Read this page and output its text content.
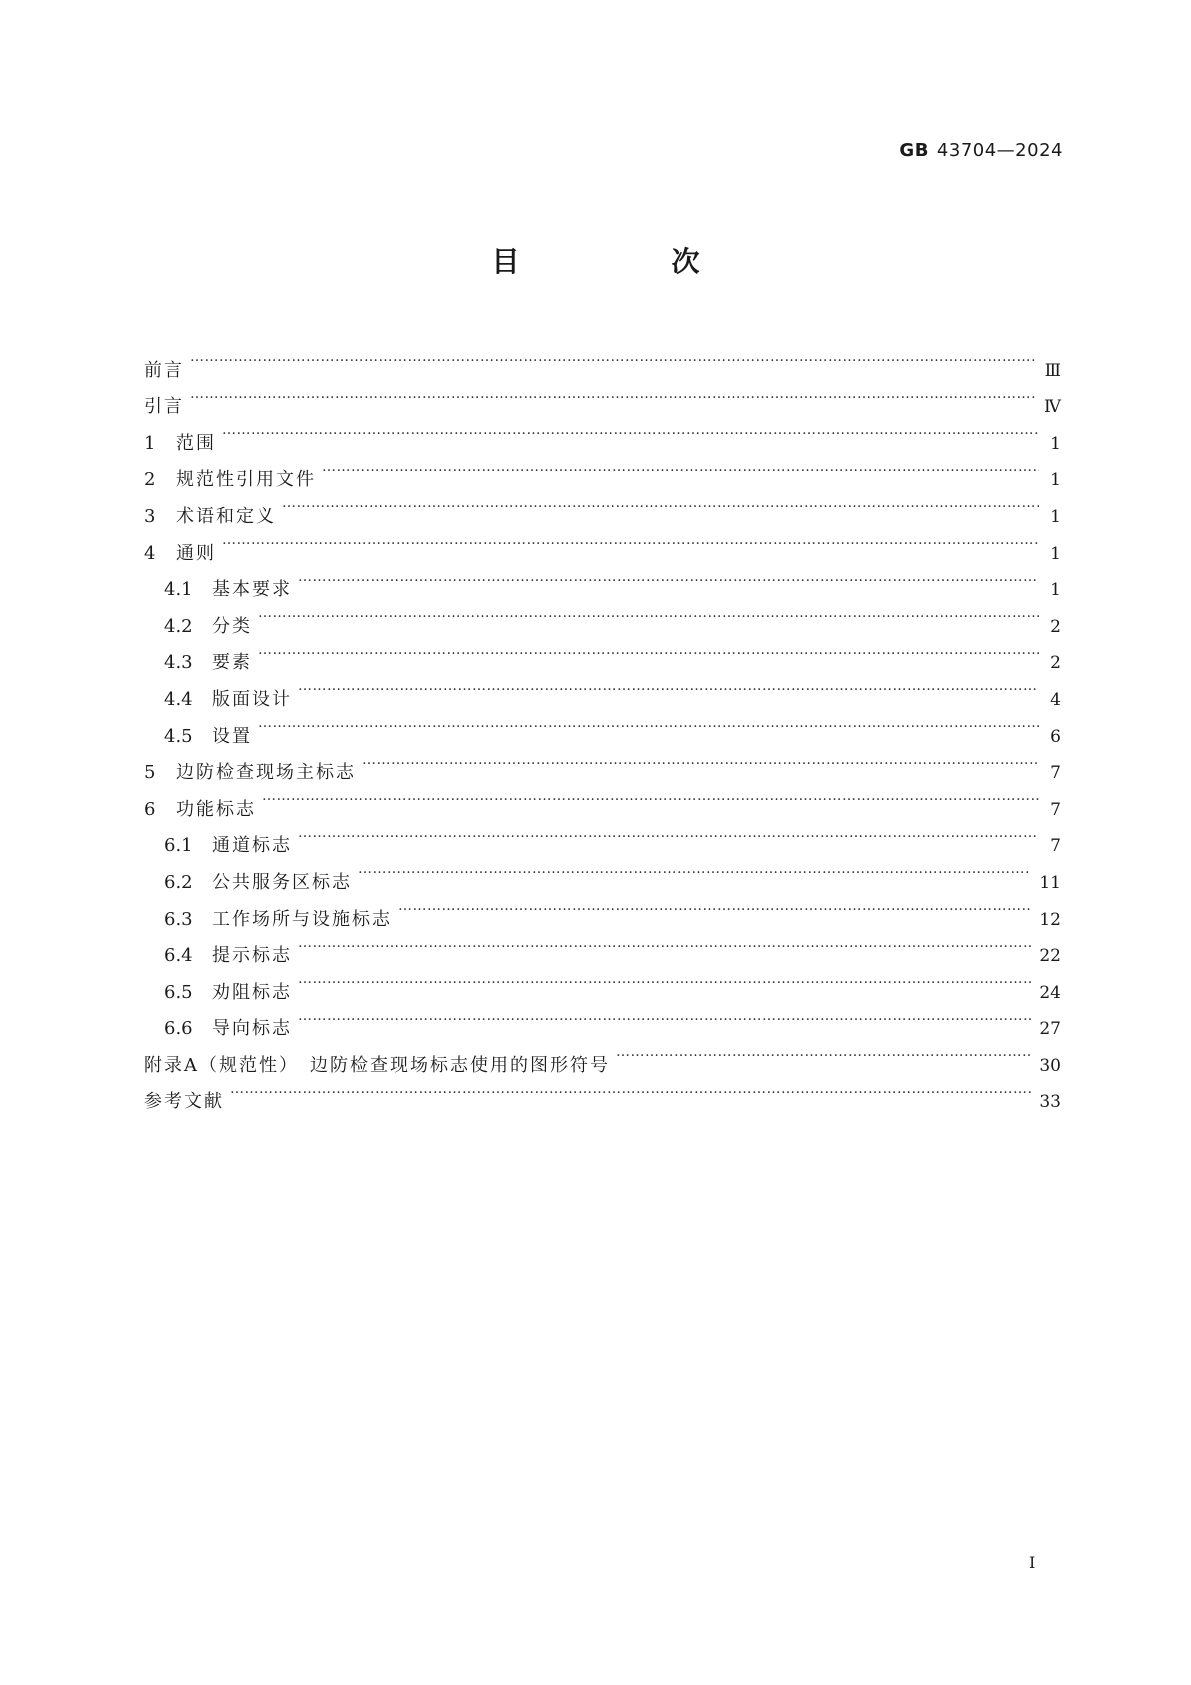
GB 43704—2024
目　次
前言 ……………………………………………………………………………………………………………………………………………………………………………………………………	Ⅲ
引言 ……………………………………………………………………………………………………………………………………………………………………………………………………	Ⅳ
1	范围 ……………………………………………………………………………………………………………………………………………………………………………………………………	1
2	规范性引用文件 ……………………………………………………………………………………………………………………………………………………………………………………………………	1
3	术语和定义 ……………………………………………………………………………………………………………………………………………………………………………………………………	1
4	通则 ……………………………………………………………………………………………………………………………………………………………………………………………………	1
4.1	基本要求 ……………………………………………………………………………………………………………………………………………………………………………………………………	1
4.2	分类 ……………………………………………………………………………………………………………………………………………………………………………………………………	2
4.3	要素 ……………………………………………………………………………………………………………………………………………………………………………………………………	2
4.4	版面设计 ……………………………………………………………………………………………………………………………………………………………………………………………………	4
4.5	设置 ……………………………………………………………………………………………………………………………………………………………………………………………………	6
5	边防检查现场主标志 ……………………………………………………………………………………………………………………………………………………………………………………………………	7
6	功能标志 ……………………………………………………………………………………………………………………………………………………………………………………………………	7
6.1	通道标志 ……………………………………………………………………………………………………………………………………………………………………………………………………	7
6.2	公共服务区标志 ……………………………………………………………………………………………………………………………………………………………………………………………………	11
6.3	工作场所与设施标志 ……………………………………………………………………………………………………………………………………………………………………………………………………	12
6.4	提示标志 ……………………………………………………………………………………………………………………………………………………………………………………………………	22
6.5	劝阻标志 ……………………………………………………………………………………………………………………………………………………………………………………………………	24
6.6	导向标志 ……………………………………………………………………………………………………………………………………………………………………………………………………	27
附录A（规范性）　边防检查现场标志使用的图形符号 ……………………………………………………………………………………………………………………………………………………………………………………………………	30
参考文献 ……………………………………………………………………………………………………………………………………………………………………………………………………	33
Ⅰ
